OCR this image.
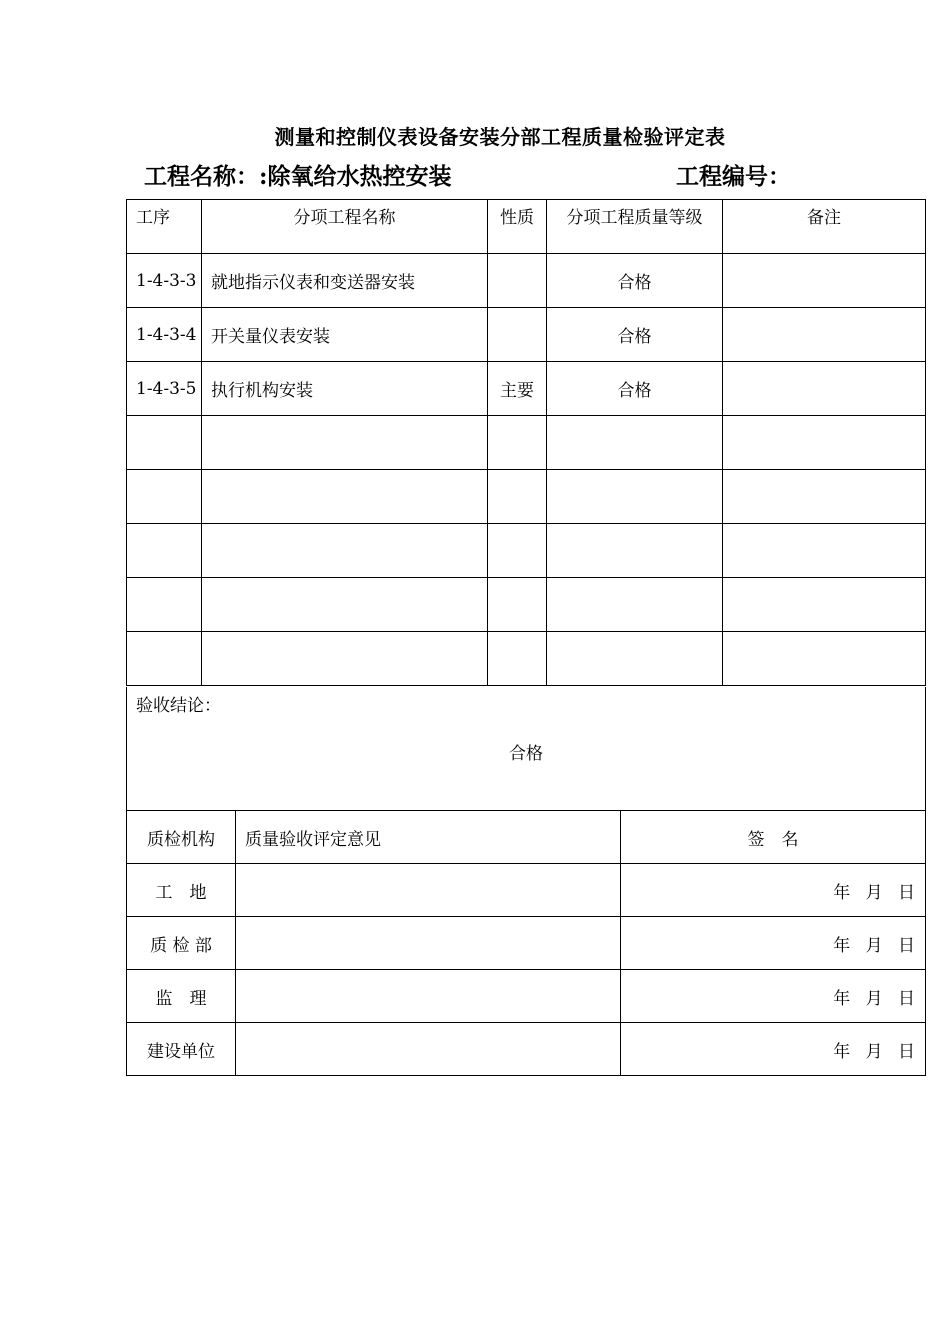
测量和控制仪表设备安装分部工程质量检验评定表
工程名称：:除氧给水热控安装	工程编号：
工序	分项工程名称	性质	分项工程质量等级	备注
1-4-3-3	就地指示仪表和变送器安装		合格	
1-4-3-4	开关量仪表安装		合格	
1-4-3-5	执行机构安装	主要	合格	

验收结论：
合格		

质检机构	质量验收评定意见	签　名
工　地		年 月 日
质 检 部		年 月 日
监　理		年 月 日
建设单位		年 月 日
